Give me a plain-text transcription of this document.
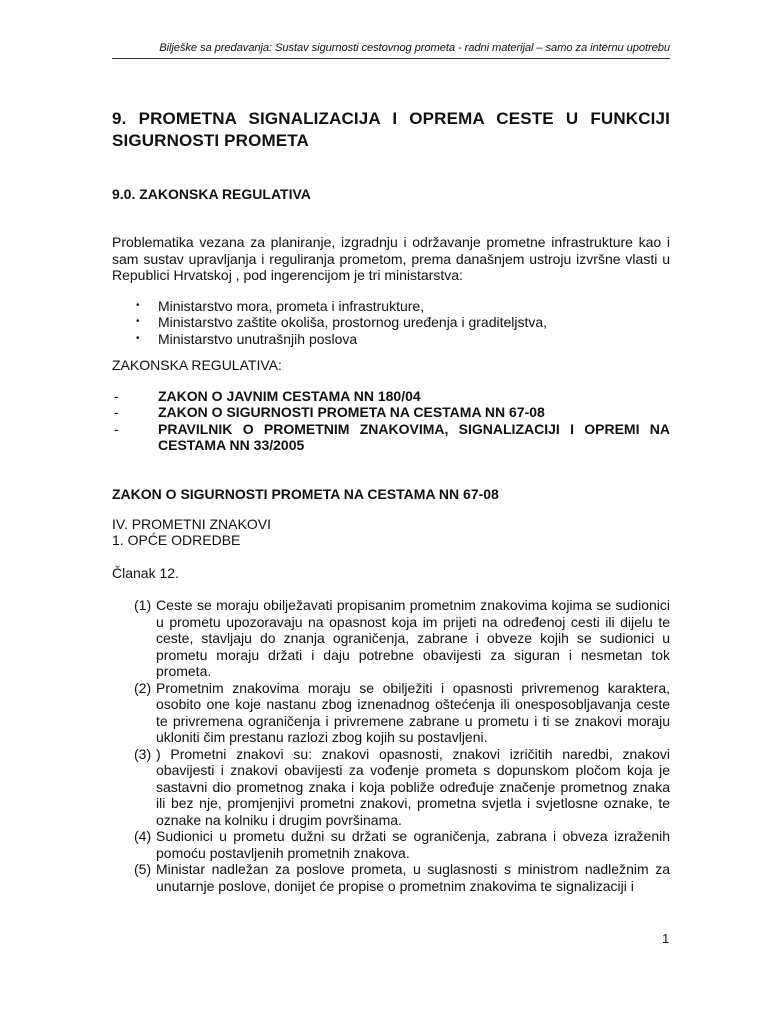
Bilješke sa predavanja: Sustav sigurnosti cestovnog prometa - radni materijal – samo za internu upotrebu
9. PROMETNA SIGNALIZACIJA I OPREMA CESTE U FUNKCIJI SIGURNOSTI PROMETA
9.0. ZAKONSKA REGULATIVA

Problematika vezana za planiranje, izgradnju i održavanje prometne infrastrukture kao i sam sustav upravljanja i reguliranja prometom, prema današnjem ustroju izvršne vlasti u Republici Hrvatskoj , pod ingerencijom je tri ministarstva:

• Ministarstvo mora, prometa i infrastrukture,
• Ministarstvo zaštite okoliša, prostornog uređenja i graditeljstva,
• Ministarstvo unutrašnjih poslova

ZAKONSKA REGULATIVA:

-	ZAKON O JAVNIM CESTAMA NN 180/04
-	ZAKON O SIGURNOSTI PROMETA NA CESTAMA NN 67-08
-	PRAVILNIK O PROMETNIM ZNAKOVIMA, SIGNALIZACIJI I OPREMI NA CESTAMA NN 33/2005
ZAKON O SIGURNOSTI PROMETA NA CESTAMA NN 67-08

IV. PROMETNI ZNAKOVI

1. OPĆE ODREDBE

Članak 12.

(1) Ceste se moraju obilježavati propisanim prometnim znakovima kojima se sudionici u prometu upozoravaju na opasnost koja im prijeti na određenoj cesti ili dijelu te ceste, stavljaju do znanja ograničenja, zabrane i obveze kojih se sudionici u prometu moraju držati i daju potrebne obavijesti za siguran i nesmetan tok prometa.
(2) Prometnim znakovima moraju se obilježiti i opasnosti privremenog karaktera, osobito one koje nastanu zbog iznenadnog oštećenja ili onesposobljavanja ceste te privremena ograničenja i privremene zabrane u prometu i ti se znakovi moraju ukloniti čim prestanu razlozi zbog kojih su postavljeni.
(3) ) Prometni znakovi su: znakovi opasnosti, znakovi izričitih naredbi, znakovi obavijesti i znakovi obavijesti za vođenje prometa s dopunskom pločom koja je sastavni dio prometnog znaka i koja pobliže određuje značenje prometnog znaka ili bez nje, promjenjivi prometni znakovi, prometna svjetla i svjetlosne oznake, te oznake na kolniku i drugim površinama.
(4) Sudionici u prometu dužni su držati se ograničenja, zabrana i obveza izraženih pomoću postavljenih prometnih znakova.
(5) Ministar nadležan za poslove prometa, u suglasnosti s ministrom nadležnim za unutarnje poslove, donijet će propise o prometnim znakovima te signalizaciji i
1
